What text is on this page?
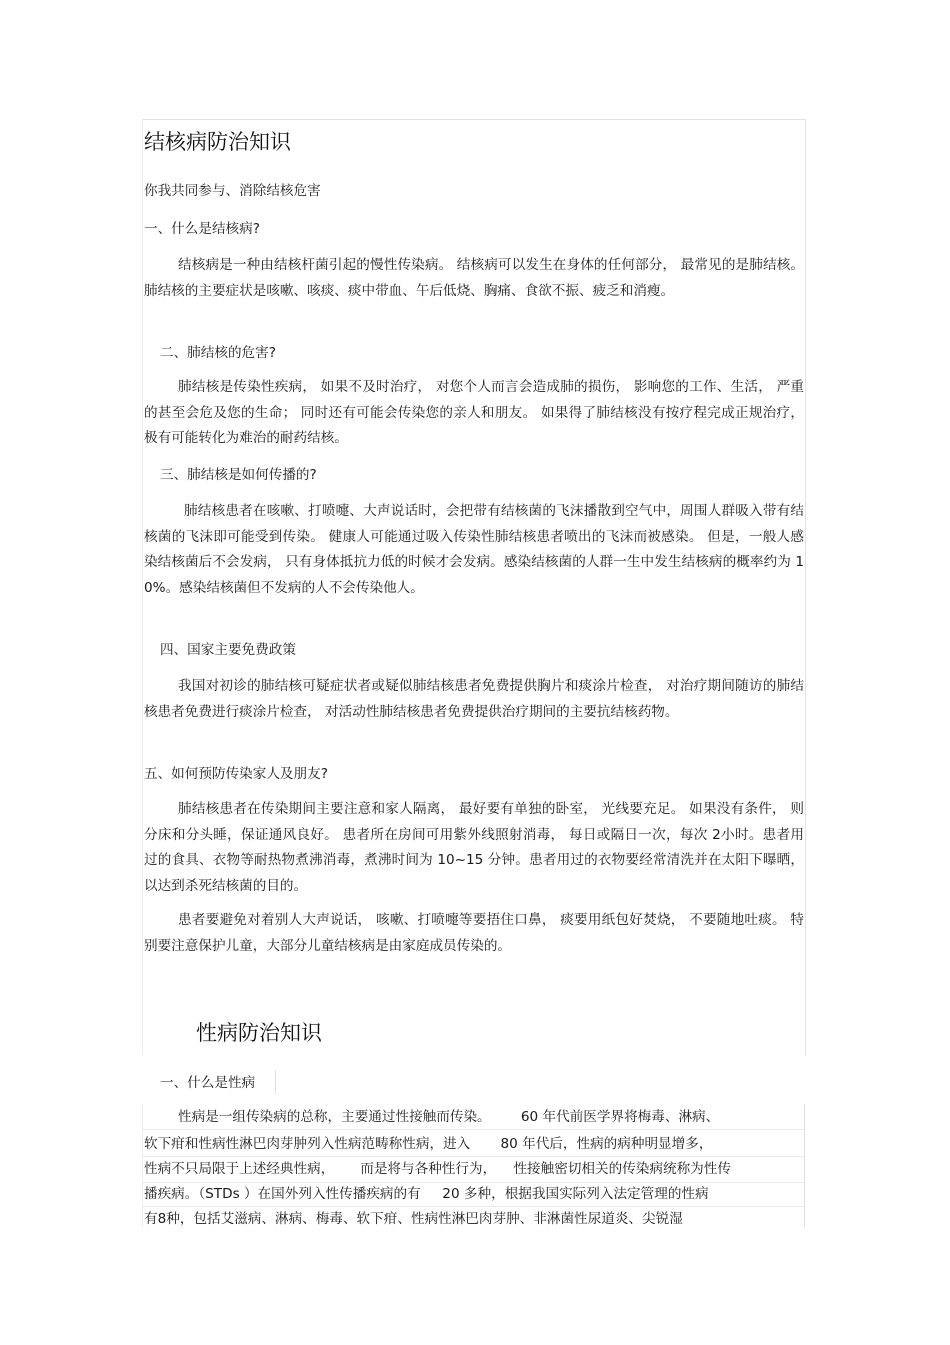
结核病防治知识
你我共同参与、消除结核危害
一、什么是结核病?
结核病是一种由结核杆菌引起的慢性传染病。 结核病可以发生在身体的任何部分， 最常见的是肺结核。肺结核的主要症状是咳嗽、咳痰、痰中带血、午后低烧、胸痛、食欲不振、疲乏和消瘦。
二、肺结核的危害?
肺结核是传染性疾病， 如果不及时治疗， 对您个人而言会造成肺的损伤， 影响您的工作、生活， 严重的甚至会危及您的生命； 同时还有可能会传染您的亲人和朋友。 如果得了肺结核没有按疗程完成正规治疗，极有可能转化为难治的耐药结核。
三、肺结核是如何传播的?
肺结核患者在咳嗽、打喷嚏、大声说话时，会把带有结核菌的飞沫播散到空气中，周围人群吸入带有结核菌的飞沫即可能受到传染。 健康人可能通过吸入传染性肺结核患者喷出的飞沫而被感染。 但是，一般人感染结核菌后不会发病， 只有身体抵抗力低的时候才会发病。感染结核菌的人群一生中发生结核病的概率约为 10%。感染结核菌但不发病的人不会传染他人。
四、国家主要免费政策
我国对初诊的肺结核可疑症状者或疑似肺结核患者免费提供胸片和痰涂片检查， 对治疗期间随访的肺结核患者免费进行痰涂片检查， 对活动性肺结核患者免费提供治疗期间的主要抗结核药物。
五、如何预防传染家人及朋友?
肺结核患者在传染期间主要注意和家人隔离， 最好要有单独的卧室， 光线要充足。 如果没有条件， 则分床和分头睡，保证通风良好。 患者所在房间可用紫外线照射消毒， 每日或隔日一次，每次 2小时。患者用过的食具、衣物等耐热物煮沸消毒，煮沸时间为 10~15 分钟。患者用过的衣物要经常清洗并在太阳下曝晒，以达到杀死结核菌的目的。
患者要避免对着别人大声说话， 咳嗽、打喷嚏等要捂住口鼻， 痰要用纸包好焚烧， 不要随地吐痰。 特别要注意保护儿童，大部分儿童结核病是由家庭成员传染的。
性病防治知识
一、什么是性病
性病是一组传染病的总称，主要通过性接触而传染。       60 年代前医学界将梅毒、淋病、
软下疳和性病性淋巴肉芽肿列入性病范畴称性病，进入       80 年代后，性病的病种明显增多，
性病不只局限于上述经典性病，      而是将与各种性行为，    性接触密切相关的传染病统称为性传
播疾病。（STDs ）在国外列入性传播疾病的有     20 多种，根据我国实际列入法定管理的性病
有8种，包括艾滋病、淋病、梅毒、软下疳、性病性淋巴肉芽肿、非淋菌性尿道炎、尖锐湿
